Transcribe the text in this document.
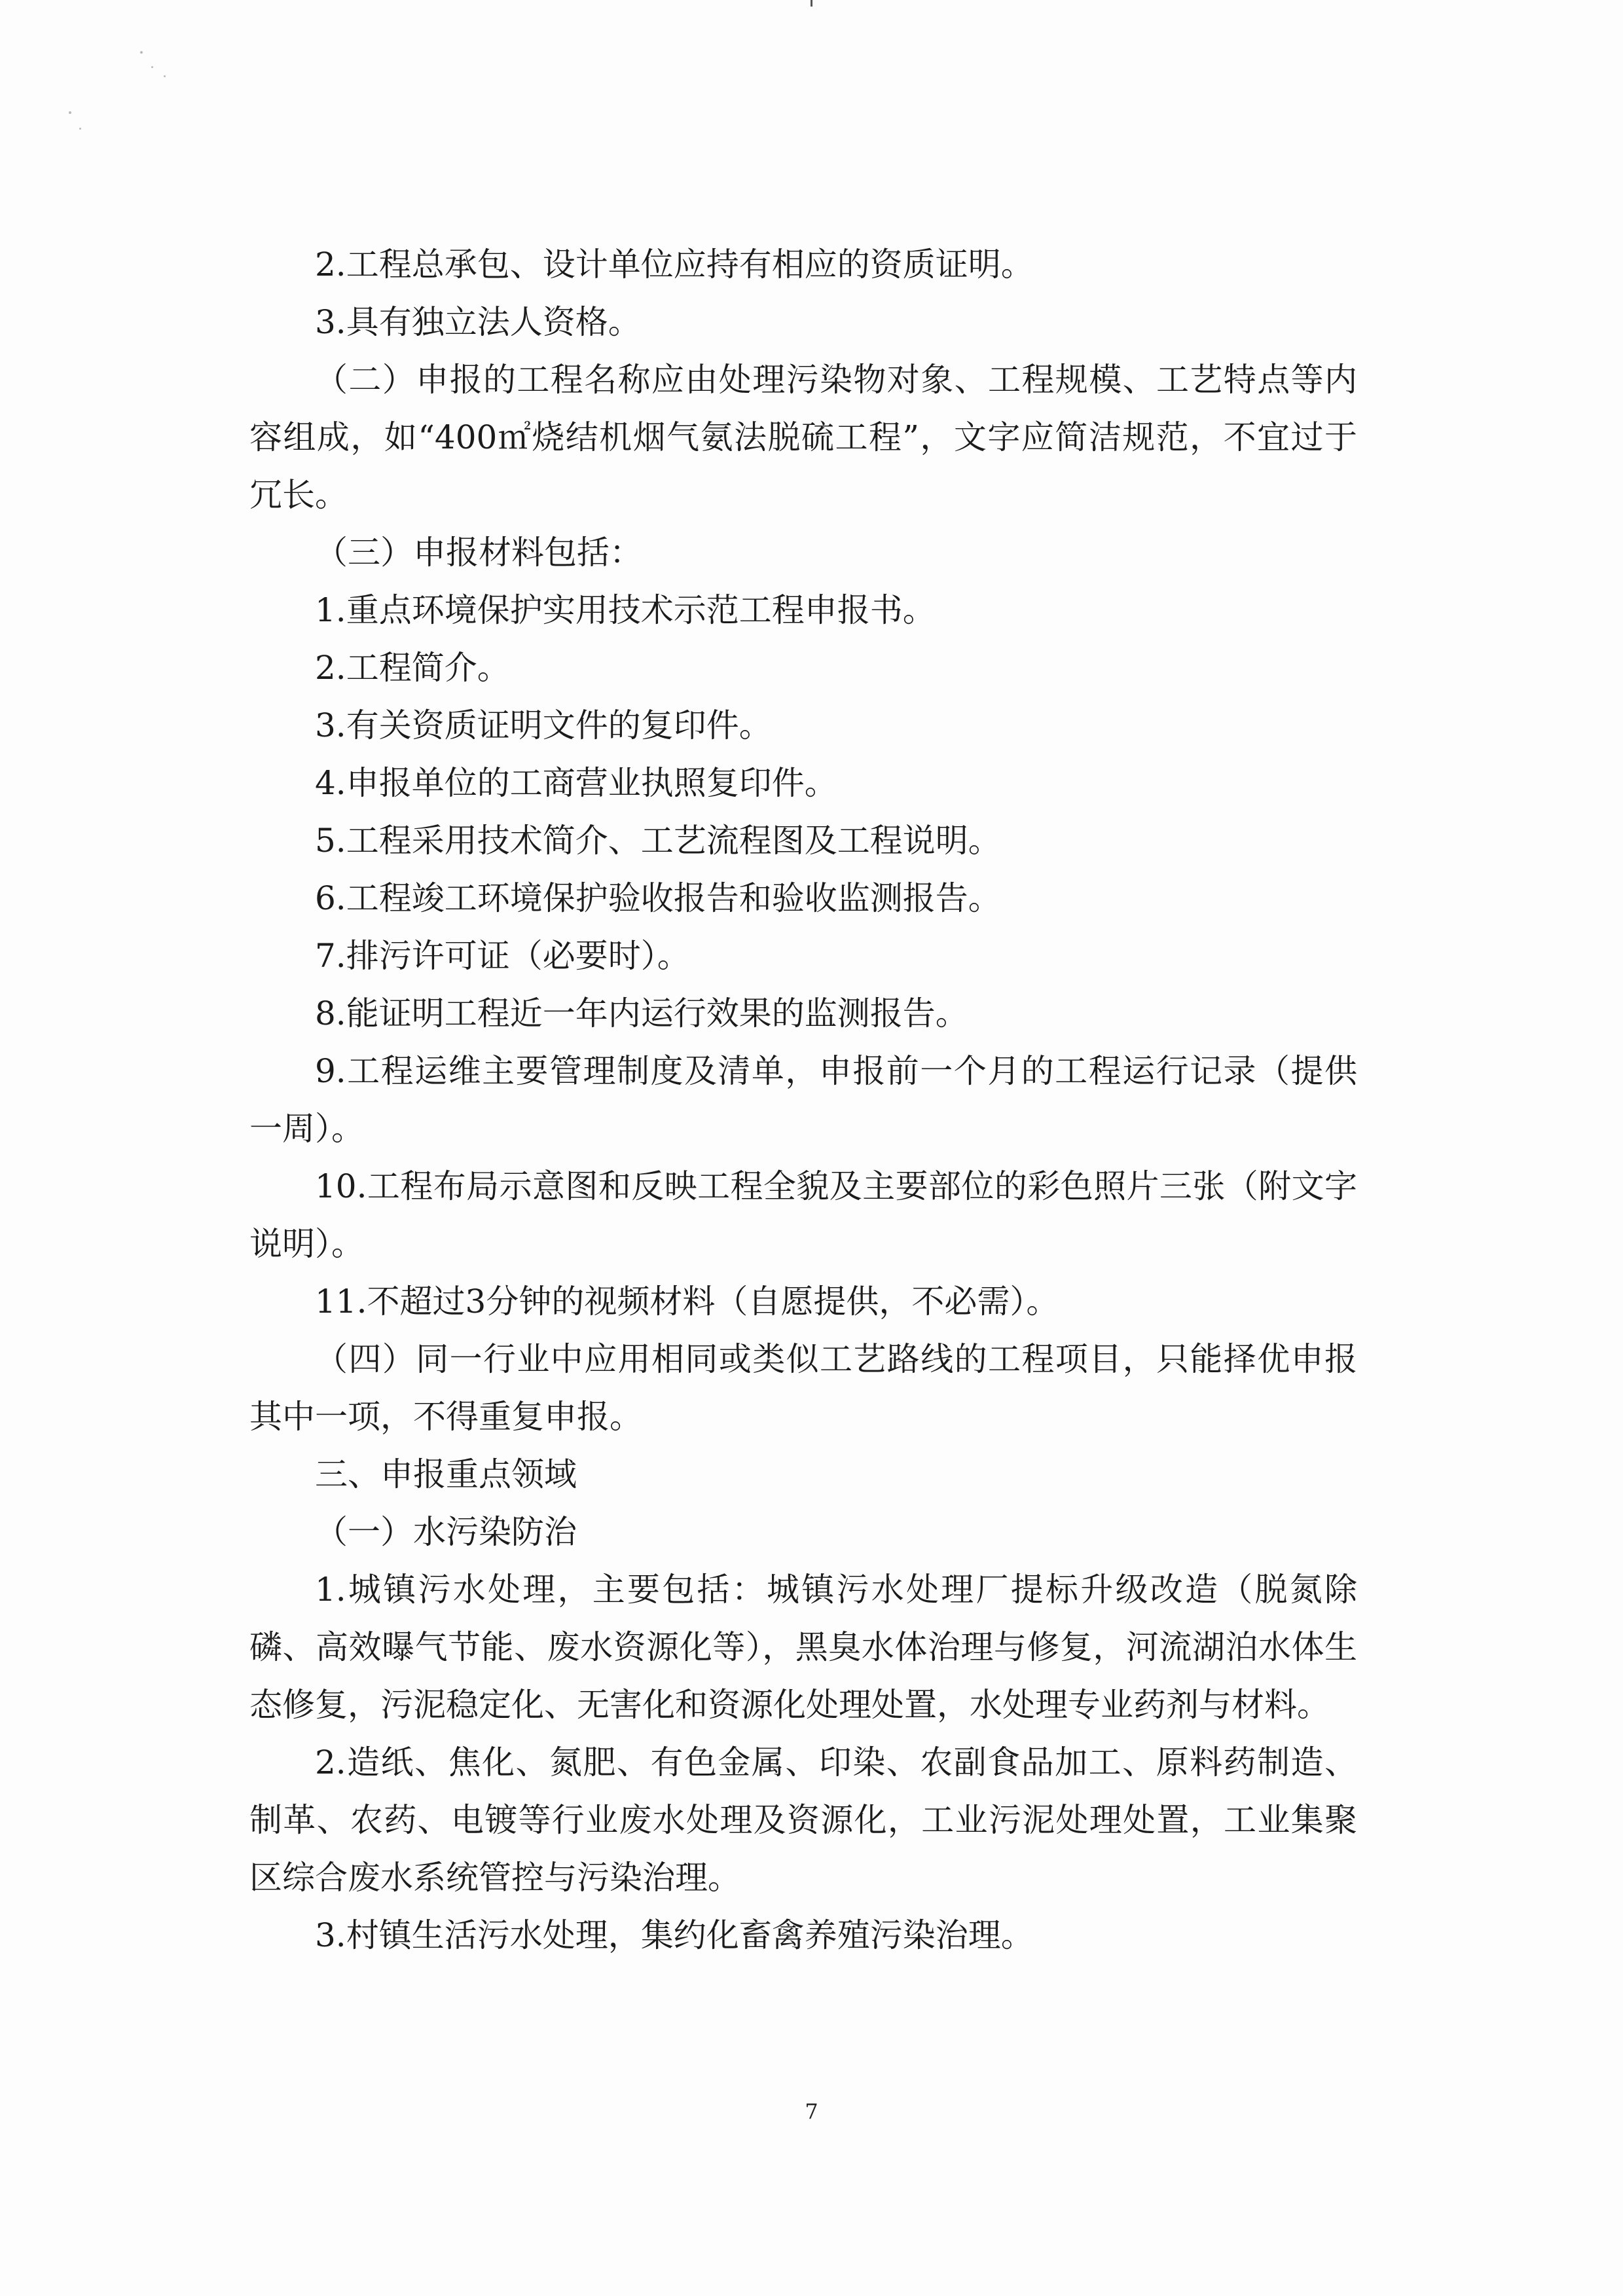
2.工程总承包、设计单位应持有相应的资质证明。

3.具有独立法人资格。

（二）申报的工程名称应由处理污染物对象、工程规模、工艺特点等内容组成，如“400㎡烧结机烟气氨法脱硫工程”，文字应简洁规范，不宜过于冗长。

（三）申报材料包括：

1.重点环境保护实用技术示范工程申报书。

2.工程简介。

3.有关资质证明文件的复印件。

4.申报单位的工商营业执照复印件。

5.工程采用技术简介、工艺流程图及工程说明。

6.工程竣工环境保护验收报告和验收监测报告。

7.排污许可证（必要时）。

8.能证明工程近一年内运行效果的监测报告。

9.工程运维主要管理制度及清单，申报前一个月的工程运行记录（提供一周）。

10.工程布局示意图和反映工程全貌及主要部位的彩色照片三张（附文字说明）。

11.不超过3分钟的视频材料（自愿提供，不必需）。

（四）同一行业中应用相同或类似工艺路线的工程项目，只能择优申报其中一项，不得重复申报。

三、申报重点领域

（一）水污染防治

1.城镇污水处理，主要包括：城镇污水处理厂提标升级改造（脱氮除磷、高效曝气节能、废水资源化等），黑臭水体治理与修复，河流湖泊水体生态修复，污泥稳定化、无害化和资源化处理处置，水处理专业药剂与材料。

2.造纸、焦化、氮肥、有色金属、印染、农副食品加工、原料药制造、制革、农药、电镀等行业废水处理及资源化，工业污泥处理处置，工业集聚区综合废水系统管控与污染治理。

3.村镇生活污水处理，集约化畜禽养殖污染治理。

7
